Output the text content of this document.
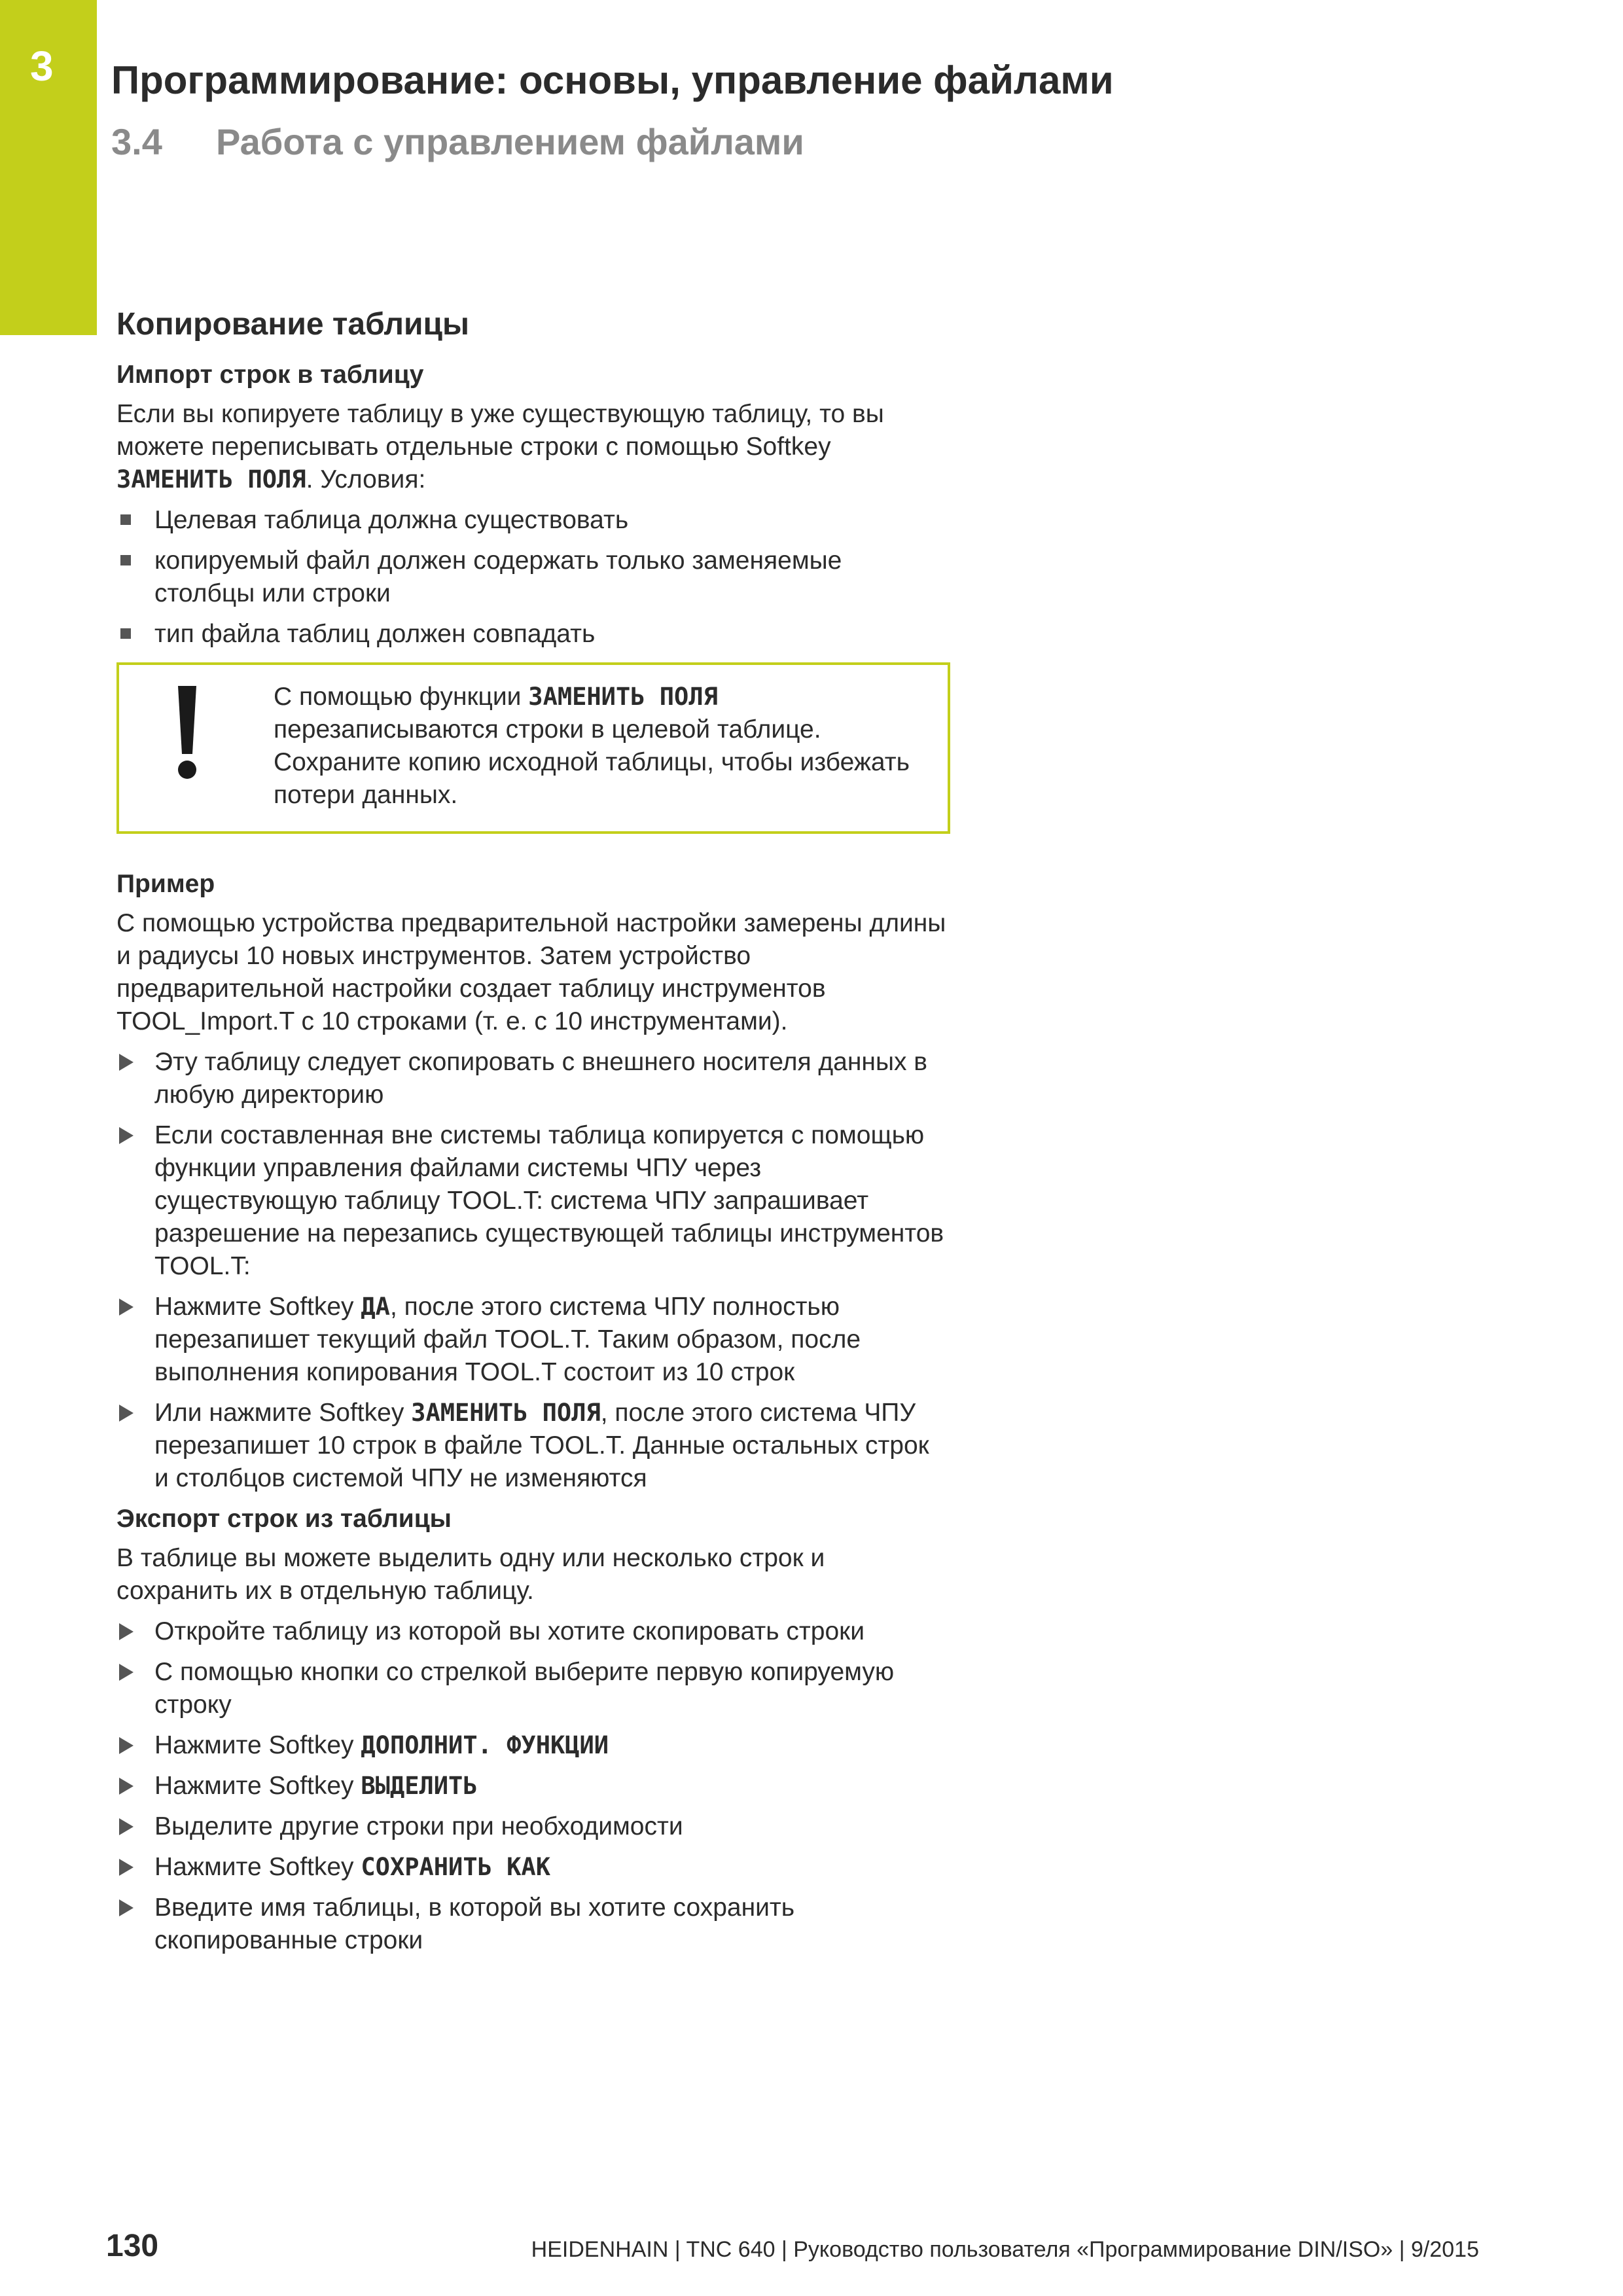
3 Программирование: основы, управление файлами
3.4 Работа с управлением файлами
Копирование таблицы
Импорт строк в таблицу

Если вы копируете таблицу в уже существующую таблицу, то вы можете переписывать отдельные строки с помощью Softkey ЗАМЕНИТЬ ПОЛЯ. Условия:

Целевая таблица должна существовать
копируемый файл должен содержать только заменяемые столбцы или строки
тип файла таблиц должен совпадать

С помощью функции ЗАМЕНИТЬ ПОЛЯ перезаписываются строки в целевой таблице. Сохраните копию исходной таблицы, чтобы избежать потери данных.

Пример

С помощью устройства предварительной настройки замерены длины и радиусы 10 новых инструментов. Затем устройство предварительной настройки создает таблицу инструментов TOOL_Import.T с 10 строками (т. е. с 10 инструментами).

Эту таблицу следует скопировать с внешнего носителя данных в любую директорию
Если составленная вне системы таблица копируется с помощью функции управления файлами системы ЧПУ через существующую таблицу TOOL.T: система ЧПУ запрашивает разрешение на перезапись существующей таблицы инструментов TOOL.T:
Нажмите Softkey ДА, после этого система ЧПУ полностью перезапишет текущий файл TOOL.T. Таким образом, после выполнения копирования TOOL.T состоит из 10 строк
Или нажмите Softkey ЗАМЕНИТЬ ПОЛЯ, после этого система ЧПУ перезапишет 10 строк в файле TOOL.T. Данные остальных строк и столбцов системой ЧПУ не изменяются
Экспорт строк из таблицы

В таблице вы можете выделить одну или несколько строк и сохранить их в отдельную таблицу.

Откройте таблицу из которой вы хотите скопировать строки
С помощью кнопки со стрелкой выберите первую копируемую строку
Нажмите Softkey ДОПОЛНИТ. ФУНКЦИИ
Нажмите Softkey ВЫДЕЛИТЬ
Выделите другие строки при необходимости
Нажмите Softkey СОХРАНИТЬ КАК
Введите имя таблицы, в которой вы хотите сохранить скопированные строки
130	HEIDENHAIN | TNC 640 | Руководство пользователя «Программирование DIN/ISO» | 9/2015
